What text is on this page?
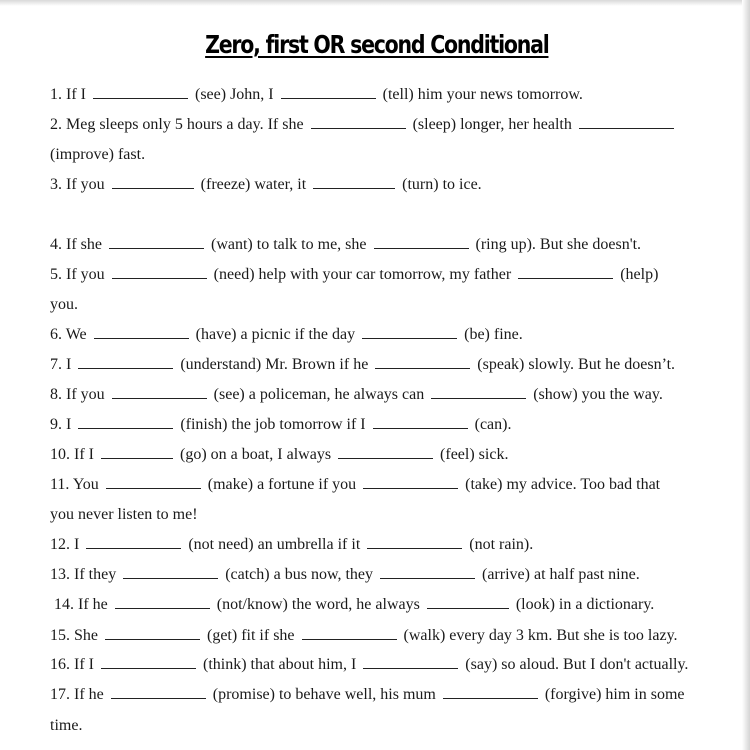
Zero, first OR second Conditional
1. If I	(see) John, I	(tell) him your news tomorrow.
2. Meg sleeps only 5 hours a day. If she	(sleep) longer, her health
(improve) fast.
3. If you	(freeze) water, it	(turn) to ice.
4. If she	(want) to talk to me, she	(ring up). But she doesn't.
5. If you	(need) help with your car tomorrow, my father	(help)
you.
6. We	(have) a picnic if the day	(be) fine.
7. I	(understand) Mr. Brown if he	(speak) slowly. But he doesn’t.
8. If you	(see) a policeman, he always can	(show) you the way.
9. I	(finish) the job tomorrow if I	(can).
10. If I	(go) on a boat, I always	(feel) sick.
11. You	(make) a fortune if you	(take) my advice. Too bad that
you never listen to me!
12. I	(not need) an umbrella if it	(not rain).
13. If they	(catch) a bus now, they	(arrive) at half past nine.
14. If he	(not/know) the word, he always	(look) in a dictionary.
15. She	(get) fit if she	(walk) every day 3 km. But she is too lazy.
16. If I	(think) that about him, I	(say) so aloud. But I don't actually.
17. If he	(promise) to behave well, his mum	(forgive) him in some
time.
